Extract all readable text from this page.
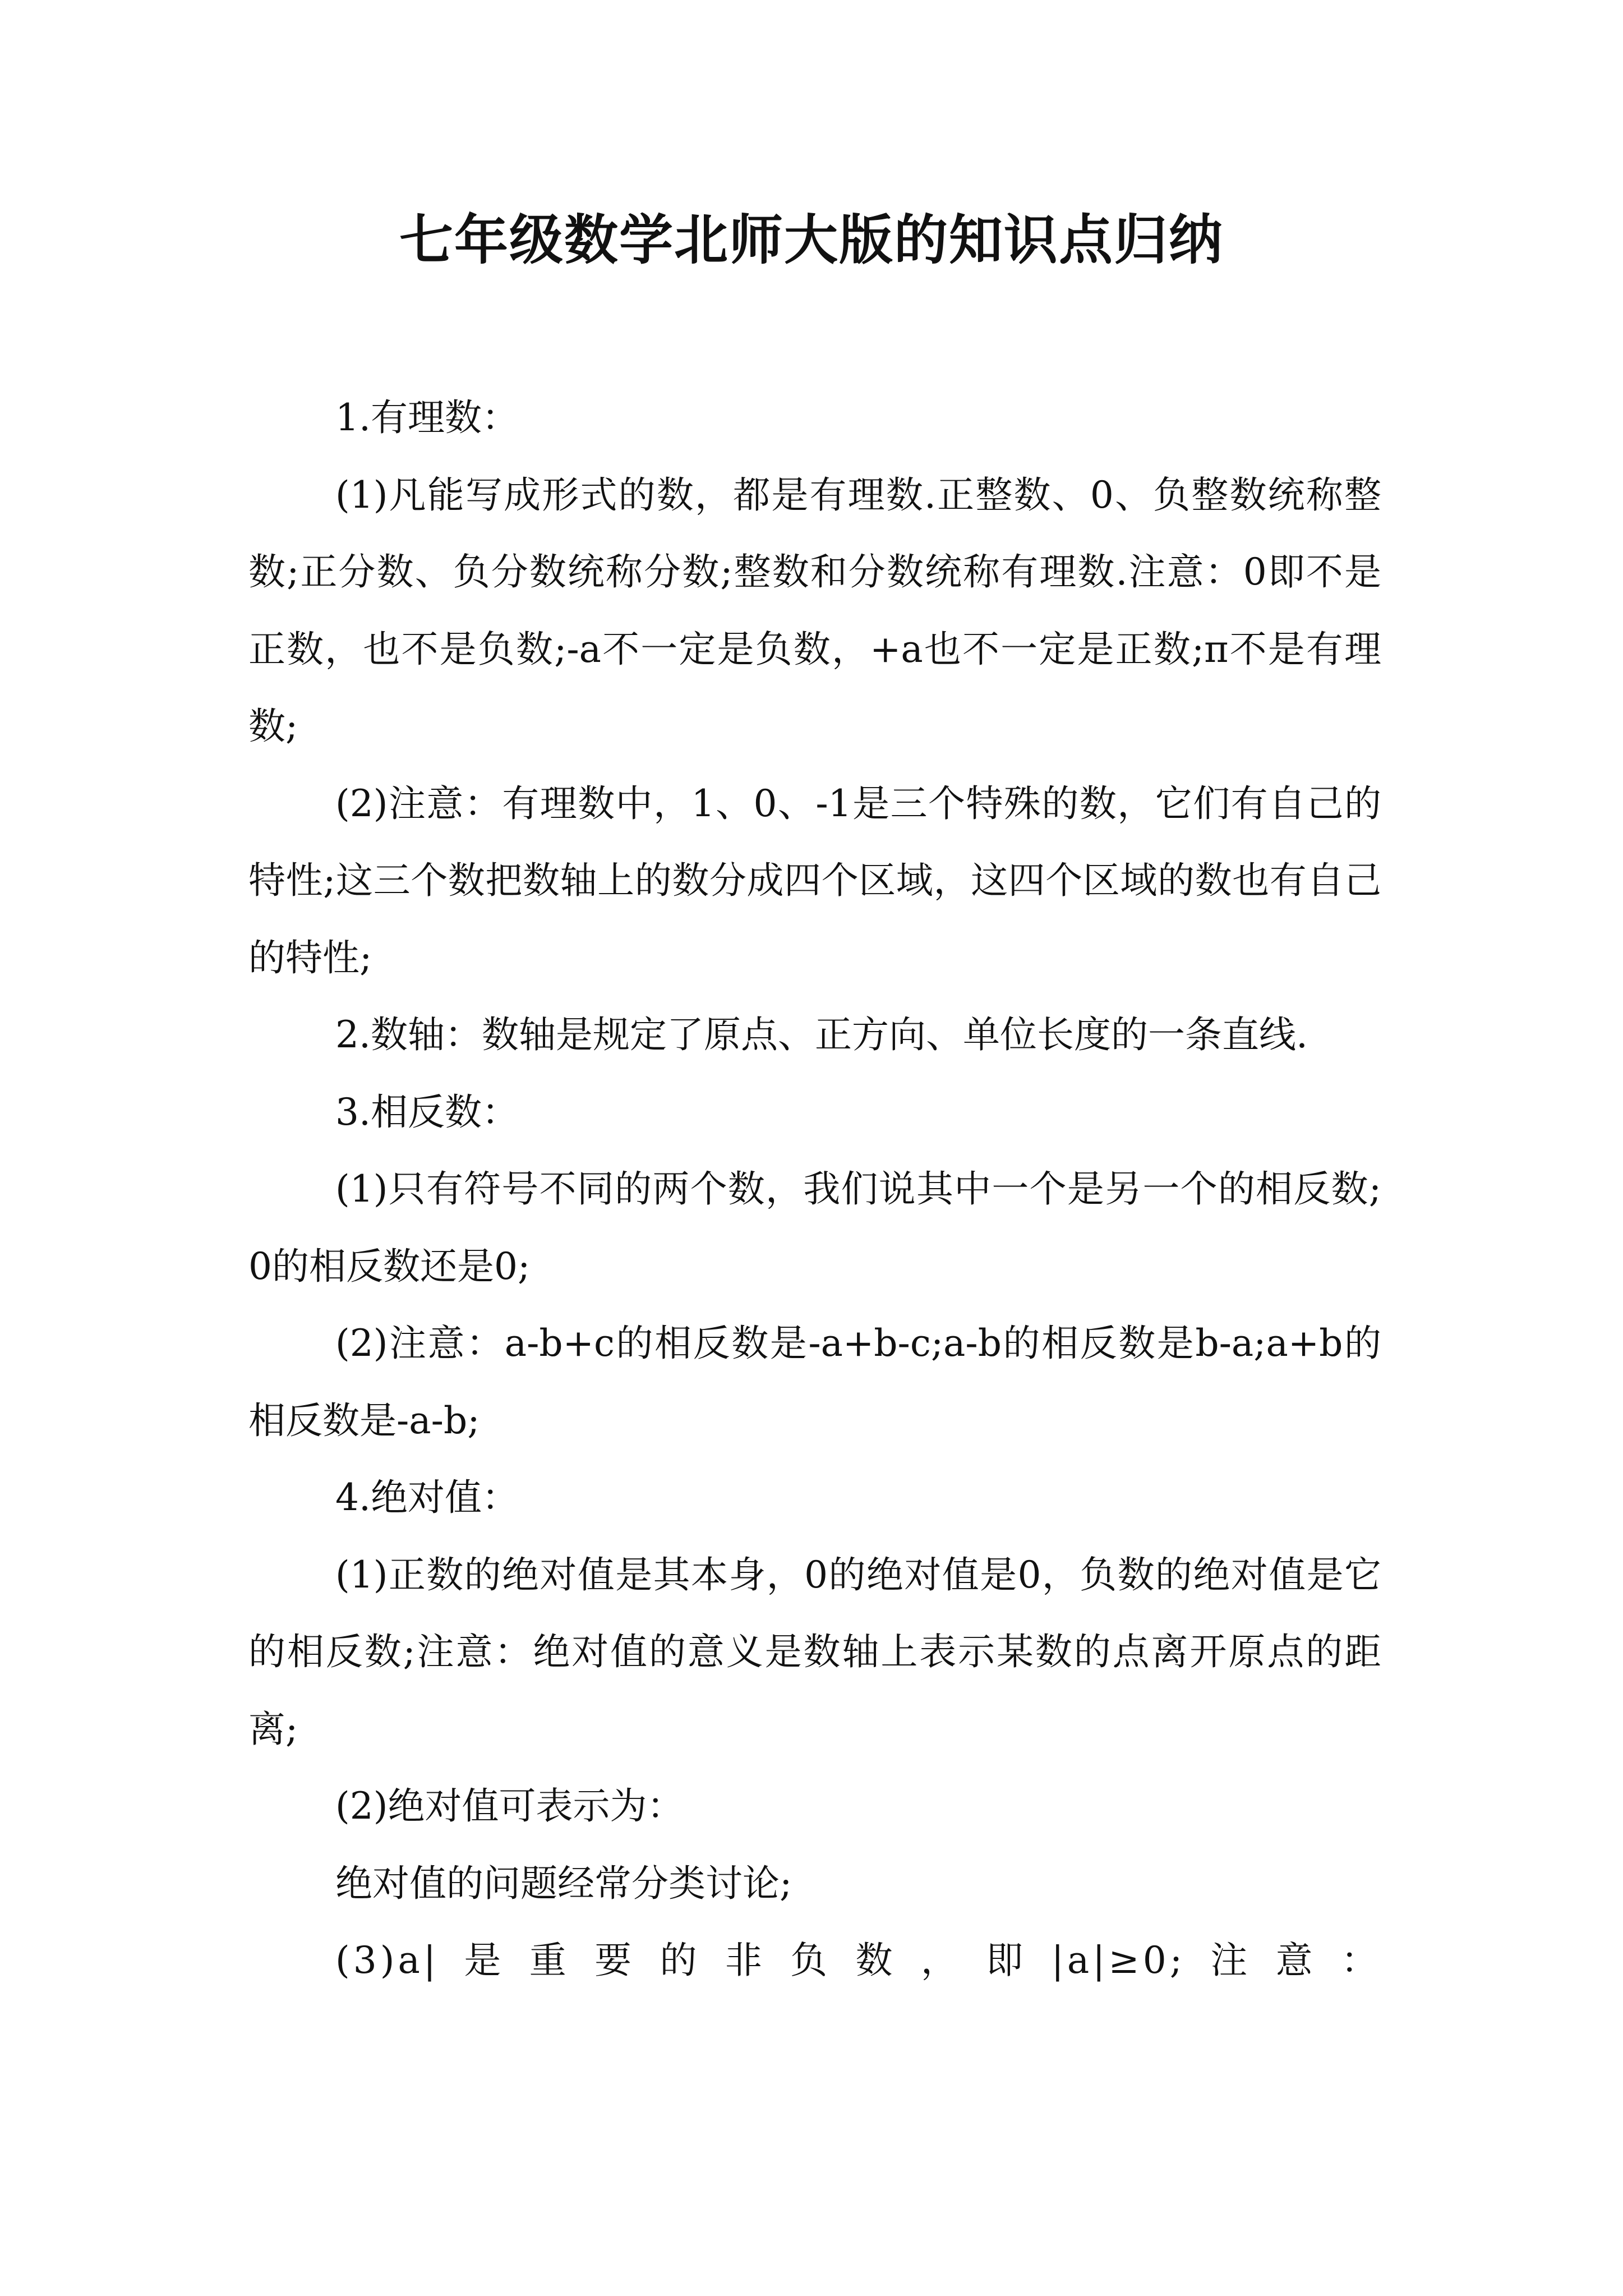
七年级数学北师大版的知识点归纳

1.有理数：

(1)凡能写成形式的数，都是有理数.正整数、0、负整数统称整数;正分数、负分数统称分数;整数和分数统称有理数.注意：0即不是正数，也不是负数;-a不一定是负数，+a也不一定是正数;π不是有理数;

(2)注意：有理数中，1、0、-1是三个特殊的数，它们有自己的特性;这三个数把数轴上的数分成四个区域，这四个区域的数也有自己的特性;

2.数轴：数轴是规定了原点、正方向、单位长度的一条直线.

3.相反数：

(1)只有符号不同的两个数，我们说其中一个是另一个的相反数;0的相反数还是0;

(2)注意：a-b+c的相反数是-a+b-c;a-b的相反数是b-a;a+b的相反数是-a-b;

4.绝对值：

(1)正数的绝对值是其本身，0的绝对值是0，负数的绝对值是它的相反数;注意：绝对值的意义是数轴上表示某数的点离开原点的距离;

(2)绝对值可表示为：

绝对值的问题经常分类讨论;

(3)a|是重要的非负数，即|a|≥0;注意：
